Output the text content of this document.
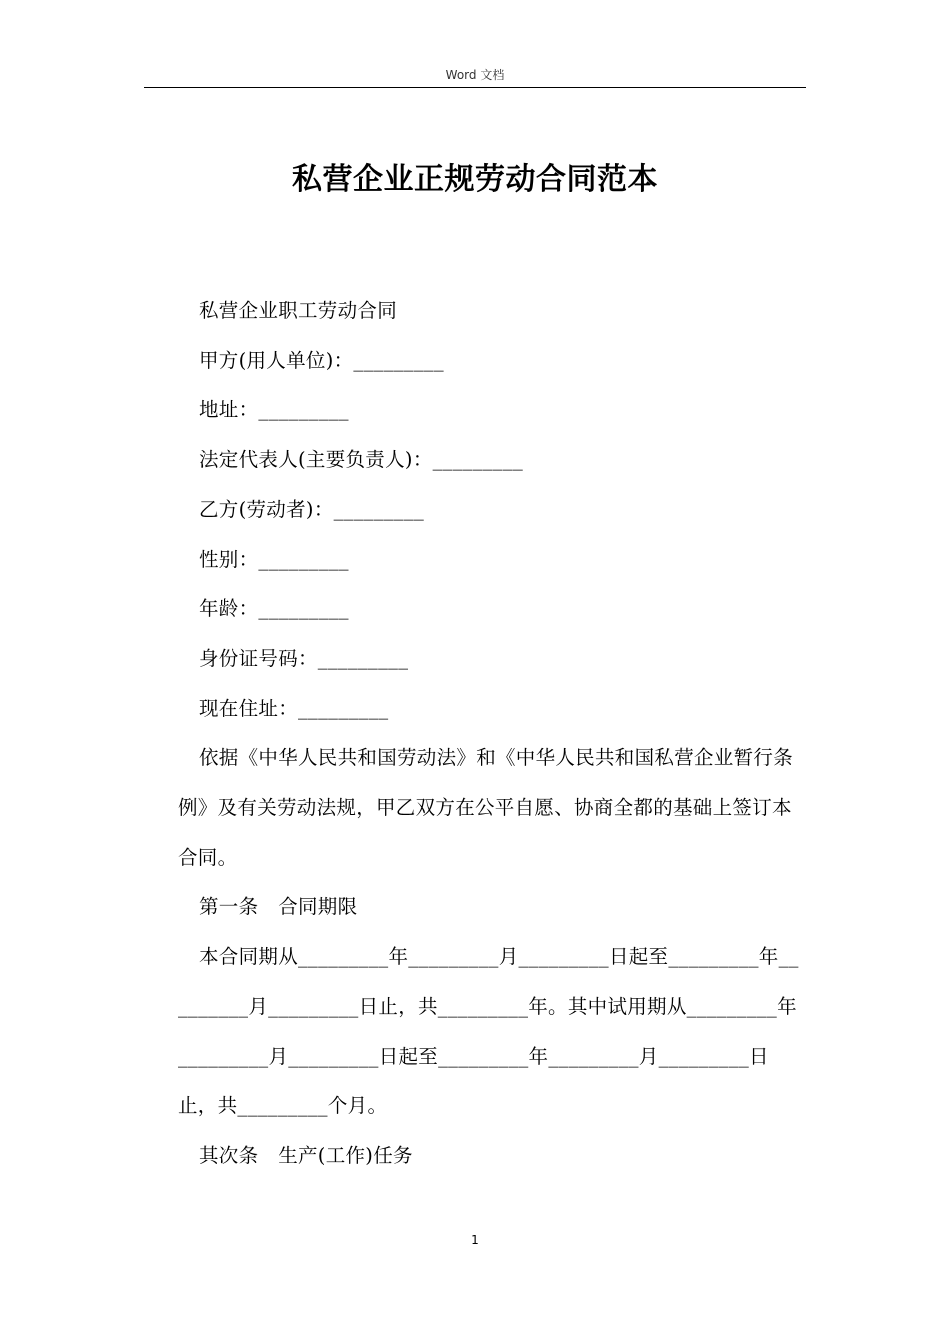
Word 文档
私营企业正规劳动合同范本

私营企业职工劳动合同

甲方(用人单位)：_________

地址：_________

法定代表人(主要负责人)：_________

乙方(劳动者)：_________

性别：_________

年龄：_________

身份证号码：_________

现在住址：_________

依据《中华人民共和国劳动法》和《中华人民共和国私营企业暂行条例》及有关劳动法规，甲乙双方在公平自愿、协商全都的基础上签订本合同。

第一条　合同期限

本合同期从_________年_________月_________日起至_________年_________月_________日止，共_________年。其中试用期从_________年_________月_________日起至_________年_________月_________日止，共_________个月。

其次条　生产(工作)任务

1
